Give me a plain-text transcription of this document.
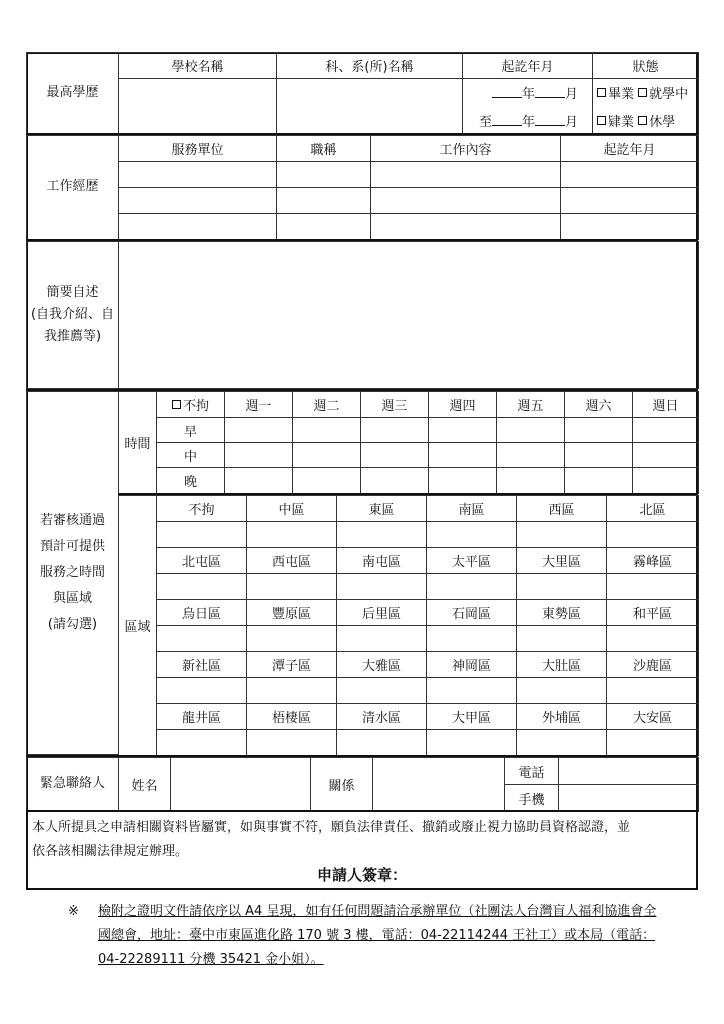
最高學歷	學校名稱	科、系(所)名稱	起訖年月	狀態
			年 月	畢業 就學中
			至 年 月	肄業 休學
工作經歷	服務單位	職稱	工作內容	起訖年月

簡要自述
(自我介紹、自
我推薦等)

若審核通過
預計可提供
服務之時間
與區域
(請勾選)

時間	不拘	週一	週二	週三	週四	週五	週六	週日
	早							
	中							
	晚							
區域	不拘	中區	東區	南區	西區	北區

	北屯區	西屯區	南屯區	太平區	大里區	霧峰區

	烏日區	豐原區	后里區	石岡區	東勢區	和平區

	新社區	潭子區	大雅區	神岡區	大肚區	沙鹿區

	龍井區	梧棲區	清水區	大甲區	外埔區	大安區

緊急聯絡人	姓名		關係		電話	
					手機	
本人所提具之申請相關資料皆屬實，如與事實不符，願負法律責任、撤銷或廢止視力協助員資格認證，並
依各該相關法律規定辦理。
申請人簽章：
※ 檢附之證明文件請依序以 A4 呈現，如有任何問題請洽承辦單位（社團法人台灣盲人福利協進會全國總會，地址：臺中市東區進化路 170 號 3 樓，電話：04-22114244 王社工）或本局（電話：04-22289111 分機 35421 金小姐）。
